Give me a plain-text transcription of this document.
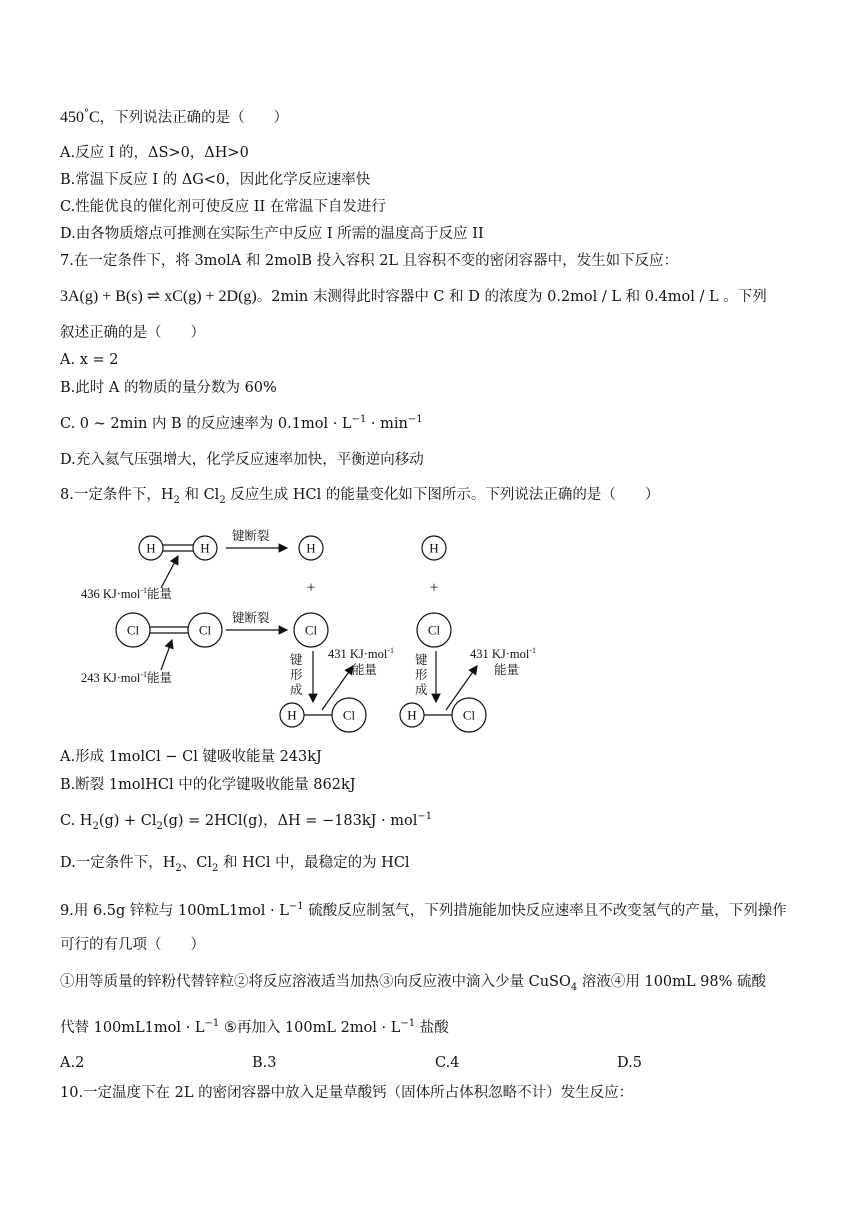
450°C，下列说法正确的是（　　）
A.反应 I 的，ΔS>0，ΔH>0
B.常温下反应 I 的 ΔG<0，因此化学反应速率快
C.性能优良的催化剂可使反应 II 在常温下自发进行
D.由各物质熔点可推测在实际生产中反应 I 所需的温度高于反应 II
7.在一定条件下，将 3molA 和 2molB 投入容积 2L 且容积不变的密闭容器中，发生如下反应：
3A(g) + B(s) ⇌ xC(g) + 2D(g)。2min 末测得此时容器中 C 和 D 的浓度为 0.2mol / L 和 0.4mol / L 。下列
叙述正确的是（　　）
A. x = 2
B.此时 A 的物质的量分数为 60%
C. 0 ~ 2min 内 B 的反应速率为 $0.1mol \cdot L^{-1} \cdot \min^{-1}$
D.充入氦气压强增大，化学反应速率加快，平衡逆向移动
8.一定条件下，$H_2$ 和 $Cl_2$ 反应生成 HCl 的能量变化如下图所示。下列说法正确的是（　　）
H	H	H	H
Cl	Cl	Cl	Cl
H	Cl	H	Cl
+	+
键断裂
键断裂
键
形
成
键
形
成
436 KJ·mol$^{-1}$能量
243 KJ·mol$^{-1}$能量
431 KJ·mol$^{-1}$
能量
431 KJ·mol$^{-1}$
能量
A.形成 1molCl − Cl 键吸收能量 243kJ
B.断裂 1molHCl 中的化学键吸收能量 862kJ
C. $H_2(g) + Cl_2(g) = 2HCl(g)$，ΔH = −183kJ · mol$^{-1}$
D.一定条件下，$H_2$、$Cl_2$ 和 HCl 中，最稳定的为 HCl
9.用 6.5g 锌粒与 $100mL1mol \cdot L^{-1}$ 硫酸反应制氢气，下列措施能加快反应速率且不改变氢气的产量，下列操作
可行的有几项（　　）
①用等质量的锌粉代替锌粒②将反应溶液适当加热③向反应液中滴入少量 CuSO$_4$ 溶液④用 100mL 98% 硫酸
代替 $100mL1mol \cdot L^{-1}$ ⑤再加入 100mL $2mol \cdot L^{-1}$ 盐酸
A.2	B.3	C.4	D.5
10.一定温度下在 2L 的密闭容器中放入足量草酸钙（固体所占体积忽略不计）发生反应：
